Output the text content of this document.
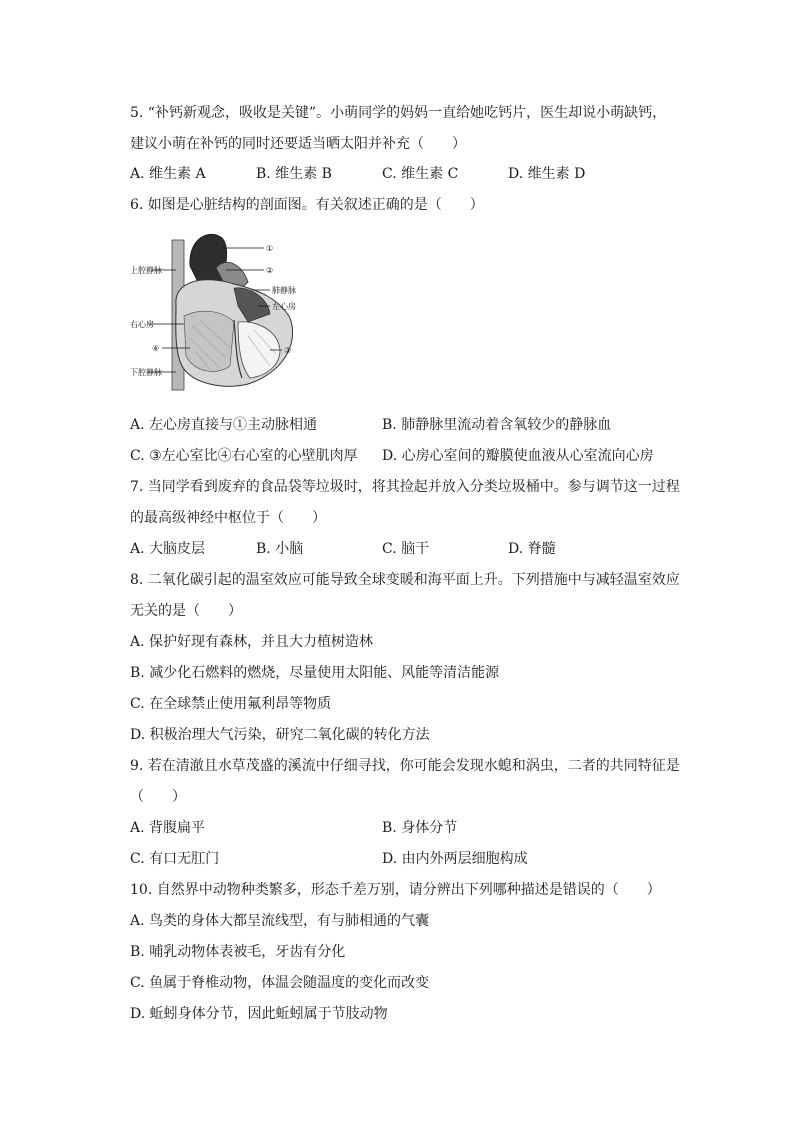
5. “补钙新观念，吸收是关键”。小萌同学的妈妈一直给她吃钙片，医生却说小萌缺钙，
建议小萌在补钙的同时还要适当晒太阳并补充（　　）
A. 维生素 A	B. 维生素 B	C. 维生素 C	D. 维生素 D
6. 如图是心脏结构的剖面图。有关叙述正确的是（　　）
①
②
上腔静脉
肺静脉
左心房
右心房
④	③
下腔静脉
A. 左心房直接与①主动脉相通	B. 肺静脉里流动着含氧较少的静脉血
C. ③左心室比④右心室的心壁肌肉厚 D. 心房心室间的瓣膜使血液从心室流向心房
7. 当同学看到废弃的食品袋等垃圾时，将其捡起并放入分类垃圾桶中。参与调节这一过程
的最高级神经中枢位于（　　）
A. 大脑皮层	B. 小脑	C. 脑干	D. 脊髓
8. 二氧化碳引起的温室效应可能导致全球变暖和海平面上升。下列措施中与减轻温室效应
无关的是（　　）
A. 保护好现有森林，并且大力植树造林
B. 减少化石燃料的燃烧，尽量使用太阳能、风能等清洁能源
C. 在全球禁止使用氟利昂等物质
D. 积极治理大气污染，研究二氧化碳的转化方法
9. 若在清澈且水草茂盛的溪流中仔细寻找，你可能会发现水螅和涡虫，二者的共同特征是
（　　）
A. 背腹扁平	B. 身体分节
C. 有口无肛门	D. 由内外两层细胞构成
10. 自然界中动物种类繁多，形态千差万别，请分辨出下列哪种描述是错误的（　　）
A. 鸟类的身体大都呈流线型，有与肺相通的气囊
B. 哺乳动物体表被毛，牙齿有分化
C. 鱼属于脊椎动物，体温会随温度的变化而改变
D. 蚯蚓身体分节，因此蚯蚓属于节肢动物
